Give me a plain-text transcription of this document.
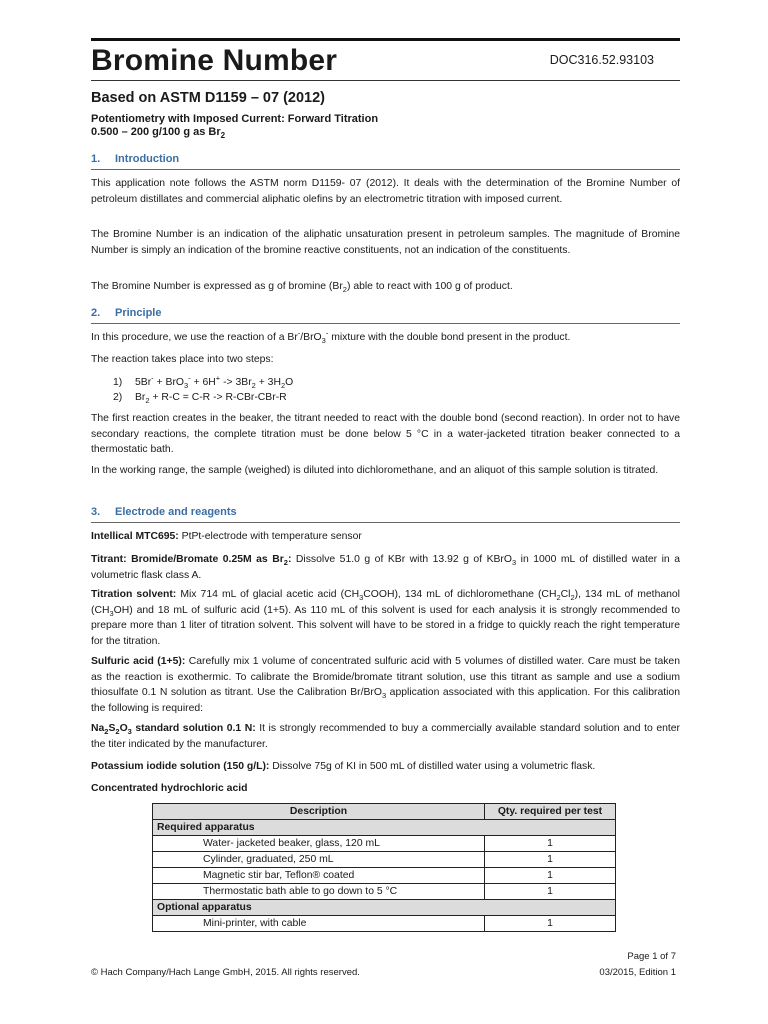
Bromine Number	DOC316.52.93103
Based on ASTM D1159 – 07 (2012)
Potentiometry with Imposed Current: Forward Titration
0.500 – 200 g/100 g as $Br_2$
1. Introduction
This application note follows the ASTM norm D1159- 07 (2012). It deals with the determination of the Bromine Number of petroleum distillates and commercial aliphatic olefins by an electrometric titration with imposed current.
The Bromine Number is an indication of the aliphatic unsaturation present in petroleum samples. The magnitude of Bromine Number is simply an indication of the bromine reactive constituents, not an indication of the constituents.
The Bromine Number is expressed as g of bromine $(Br_2)$ able to react with 100 g of product.
2. Principle
In this procedure, we use the reaction of a Br-/BrO$_3$- mixture with the double bond present in the product.
The reaction takes place into two steps:
1) $5Br^- + BrO_3^- + 6H^+ -> 3Br_2 + 3H_2O$
2) $Br_2 + R-C = C-R -> R-CBr-CBr-R$
The first reaction creates in the beaker, the titrant needed to react with the double bond (second reaction). In order not to have secondary reactions, the complete titration must be done below 5 °C in a water-jacketed titration beaker connected to a thermostatic bath.
In the working range, the sample (weighed) is diluted into dichloromethane, and an aliquot of this sample solution is titrated.
3. Electrode and reagents
Intellical MTC695: PtPt-electrode with temperature sensor
Titrant: Bromide/Bromate 0.25M as $Br_2$: Dissolve 51.0 g of KBr with 13.92 g of KBrO$_3$ in 1000 mL of distilled water in a volumetric flask class A.
Titration solvent: Mix 714 mL of glacial acetic acid $(CH_3COOH)$, 134 mL of dichloromethane $(CH_2Cl_2)$, 134 mL of methanol $(CH_3OH)$ and 18 mL of sulfuric acid (1+5). As 110 mL of this solvent is used for each analysis it is strongly recommended to prepare more than 1 liter of titration solvent. This solvent will have to be stored in a fridge to quickly reach the right temperature for the titration.
Sulfuric acid (1+5): Carefully mix 1 volume of concentrated sulfuric acid with 5 volumes of distilled water. Care must be taken as the reaction is exothermic. To calibrate the Bromide/bromate titrant solution, use this titrant as sample and use a sodium thiosulfate 0.1 N solution as titrant. Use the Calibration Br/BrO$_3$ application associated with this application. For this calibration the following is required:
$Na_2S_2O_3$ standard solution 0.1 N: It is strongly recommended to buy a commercially available standard solution and to enter the titer indicated by the manufacturer.
Potassium iodide solution (150 g/L): Dissolve 75g of KI in 500 mL of distilled water using a volumetric flask.
Concentrated hydrochloric acid
Description	Qty. required per test
Required apparatus	
Water- jacketed beaker, glass, 120 mL	1
Cylinder, graduated, 250 mL	1
Magnetic stir bar, Teflon® coated	1
Thermostatic bath able to go down to 5 °C	1
Optional apparatus	
Mini-printer, with cable	1
Page 1 of 7
© Hach Company/Hach Lange GmbH, 2015. All rights reserved.	03/2015, Edition 1
